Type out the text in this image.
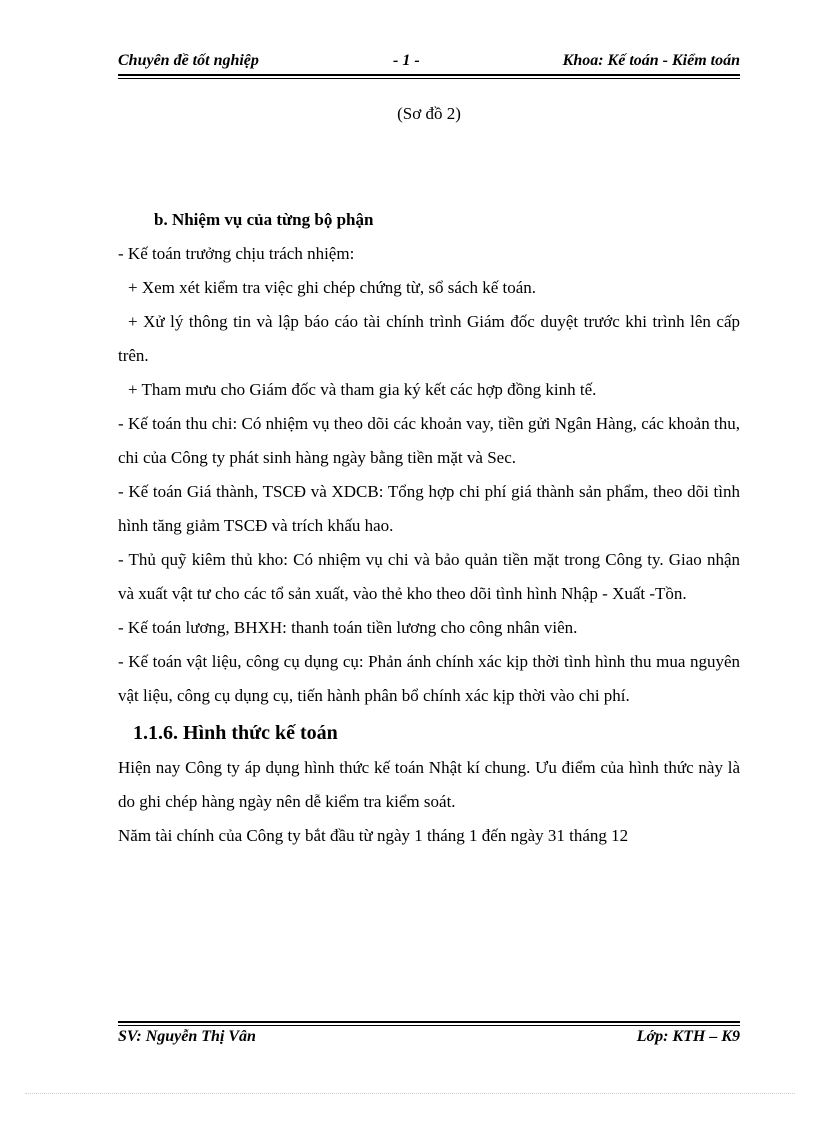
Chuyên đề tốt nghiệp	- 1 -	Khoa: Kế toán - Kiểm toán
(Sơ đồ 2)

b. Nhiệm vụ của từng bộ phận

- Kế toán trưởng chịu trách nhiệm:

+ Xem xét kiểm tra việc ghi chép chứng từ, sổ sách kế toán.

+ Xử lý thông tin và lập báo cáo tài chính trình Giám đốc duyệt trước khi trình lên cấp trên.

+ Tham mưu cho Giám đốc và tham gia ký kết các hợp đồng kinh tế.

- Kế toán thu chi: Có nhiệm vụ theo dõi các khoản vay, tiền gửi Ngân Hàng, các khoản thu, chi của Công ty phát sinh hàng ngày bằng tiền mặt và Sec.

- Kế toán Giá thành, TSCĐ và XDCB: Tổng hợp chi phí giá thành sản phẩm, theo dõi tình hình tăng giảm TSCĐ và trích khấu hao.

- Thủ quỹ kiêm thủ kho: Có nhiệm vụ chi và bảo quản tiền mặt trong Công ty. Giao nhận và xuất vật tư cho các tổ sản xuất, vào thẻ kho theo dõi tình hình Nhập - Xuất -Tồn.

- Kế toán lương, BHXH: thanh toán tiền lương cho công nhân viên.

- Kế toán vật liệu, công cụ dụng cụ: Phản ánh chính xác kịp thời tình hình thu mua nguyên vật liệu, công cụ dụng cụ, tiến hành phân bổ chính xác kịp thời vào chi phí.

1.1.6. Hình thức kế toán

Hiện nay Công ty áp dụng hình thức kế toán Nhật kí chung. Ưu điểm của hình thức này là do ghi chép hàng ngày nên dễ kiểm tra kiểm soát.

Năm tài chính của Công ty bắt đầu từ ngày 1 tháng 1 đến ngày 31 tháng 12

SV: Nguyễn Thị Vân	Lớp: KTH – K9
